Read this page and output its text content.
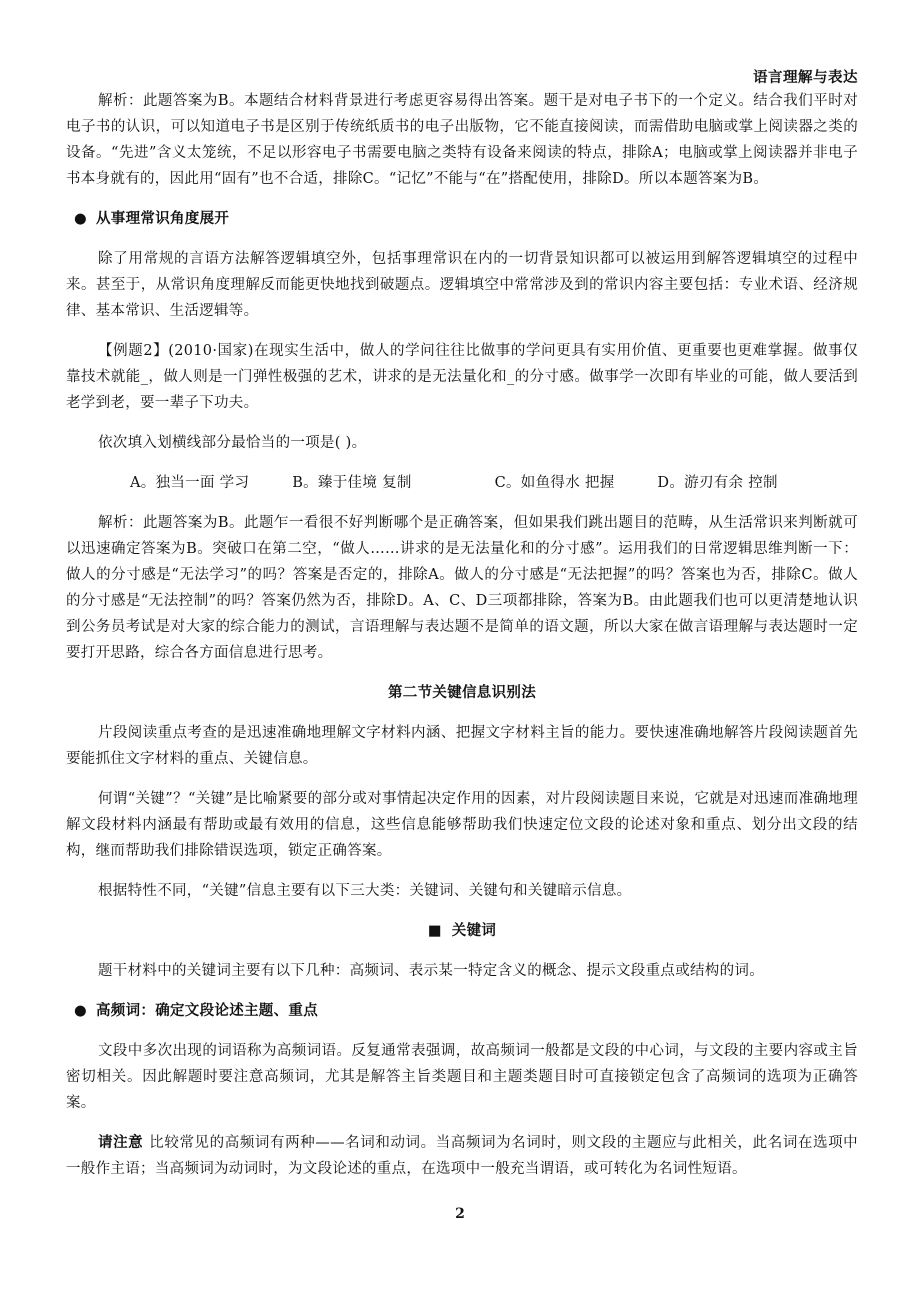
语言理解与表达

解析：此题答案为B。本题结合材料背景进行考虑更容易得出答案。题干是对电子书下的一个定义。结合我们平时对电子书的认识，可以知道电子书是区别于传统纸质书的电子出版物，它不能直接阅读，而需借助电脑或掌上阅读器之类的设备。“先进”含义太笼统，不足以形容电子书需要电脑之类特有设备来阅读的特点，排除A；电脑或掌上阅读器并非电子书本身就有的，因此用“固有”也不合适，排除C。“记忆”不能与“在”搭配使用，排除D。所以本题答案为B。

● 从事理常识角度展开

除了用常规的言语方法解答逻辑填空外，包括事理常识在内的一切背景知识都可以被运用到解答逻辑填空的过程中来。甚至于，从常识角度理解反而能更快地找到破题点。逻辑填空中常常涉及到的常识内容主要包括：专业术语、经济规律、基本常识、生活逻辑等。

【例题2】(2010·国家)在现实生活中，做人的学问往往比做事的学问更具有实用价值、更重要也更难掌握。做事仅靠技术就能_，做人则是一门弹性极强的艺术，讲求的是无法量化和_的分寸感。做事学一次即有毕业的可能，做人要活到老学到老，要一辈子下功夫。

依次填入划横线部分最恰当的一项是( )。

A。独当一面 学习	B。臻于佳境 复制	C。如鱼得水 把握	D。游刃有余 控制

解析：此题答案为B。此题乍一看很不好判断哪个是正确答案，但如果我们跳出题目的范畴，从生活常识来判断就可以迅速确定答案为B。突破口在第二空，“做人……讲求的是无法量化和的分寸感”。运用我们的日常逻辑思维判断一下：做人的分寸感是“无法学习”的吗？答案是否定的，排除A。做人的分寸感是“无法把握”的吗？答案也为否，排除C。做人的分寸感是“无法控制”的吗？答案仍然为否，排除D。A、C、D三项都排除，答案为B。由此题我们也可以更清楚地认识到公务员考试是对大家的综合能力的测试，言语理解与表达题不是简单的语文题，所以大家在做言语理解与表达题时一定要打开思路，综合各方面信息进行思考。

第二节关键信息识别法

片段阅读重点考查的是迅速准确地理解文字材料内涵、把握文字材料主旨的能力。要快速准确地解答片段阅读题首先要能抓住文字材料的重点、关键信息。

何谓“关键”？“关键”是比喻紧要的部分或对事情起决定作用的因素，对片段阅读题目来说，它就是对迅速而准确地理解文段材料内涵最有帮助或最有效用的信息，这些信息能够帮助我们快速定位文段的论述对象和重点、划分出文段的结构，继而帮助我们排除错误选项，锁定正确答案。

根据特性不同，“关键”信息主要有以下三大类：关键词、关键句和关键暗示信息。

■ 关键词

题干材料中的关键词主要有以下几种：高频词、表示某一特定含义的概念、提示文段重点或结构的词。

● 高频词：确定文段论述主题、重点

文段中多次出现的词语称为高频词语。反复通常表强调，故高频词一般都是文段的中心词，与文段的主要内容或主旨密切相关。因此解题时要注意高频词，尤其是解答主旨类题目和主题类题目时可直接锁定包含了高频词的选项为正确答案。

请注意 比较常见的高频词有两种——名词和动词。当高频词为名词时，则文段的主题应与此相关，此名词在选项中一般作主语；当高频词为动词时，为文段论述的重点，在选项中一般充当谓语，或可转化为名词性短语。

2
